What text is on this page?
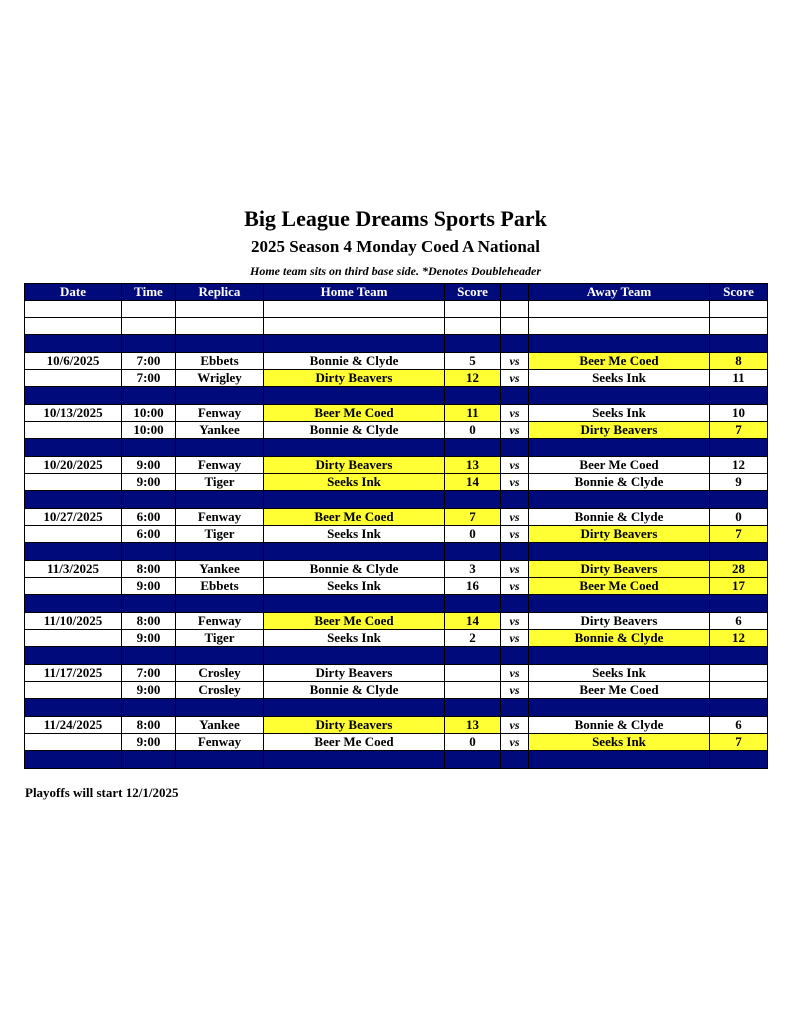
Big League Dreams Sports Park
2025 Season 4 Monday Coed A National
Home team sits on third base side. *Denotes Doubleheader
Date	Time	Replica	Home Team	Score		Away Team	Score

10/6/2025	7:00	Ebbets	Bonnie & Clyde	5	vs	Beer Me Coed	8
	7:00	Wrigley	Dirty Beavers	12	vs	Seeks Ink	11

10/13/2025	10:00	Fenway	Beer Me Coed	11	vs	Seeks Ink	10
	10:00	Yankee	Bonnie & Clyde	0	vs	Dirty Beavers	7

10/20/2025	9:00	Fenway	Dirty Beavers	13	vs	Beer Me Coed	12
	9:00	Tiger	Seeks Ink	14	vs	Bonnie & Clyde	9

10/27/2025	6:00	Fenway	Beer Me Coed	7	vs	Bonnie & Clyde	0
	6:00	Tiger	Seeks Ink	0	vs	Dirty Beavers	7

11/3/2025	8:00	Yankee	Bonnie & Clyde	3	vs	Dirty Beavers	28
	9:00	Ebbets	Seeks Ink	16	vs	Beer Me Coed	17

11/10/2025	8:00	Fenway	Beer Me Coed	14	vs	Dirty Beavers	6
	9:00	Tiger	Seeks Ink	2	vs	Bonnie & Clyde	12

11/17/2025	7:00	Crosley	Dirty Beavers		vs	Seeks Ink	
	9:00	Crosley	Bonnie & Clyde		vs	Beer Me Coed	

11/24/2025	8:00	Yankee	Dirty Beavers	13	vs	Bonnie & Clyde	6
	9:00	Fenway	Beer Me Coed	0	vs	Seeks Ink	7

Playoffs will start 12/1/2025
